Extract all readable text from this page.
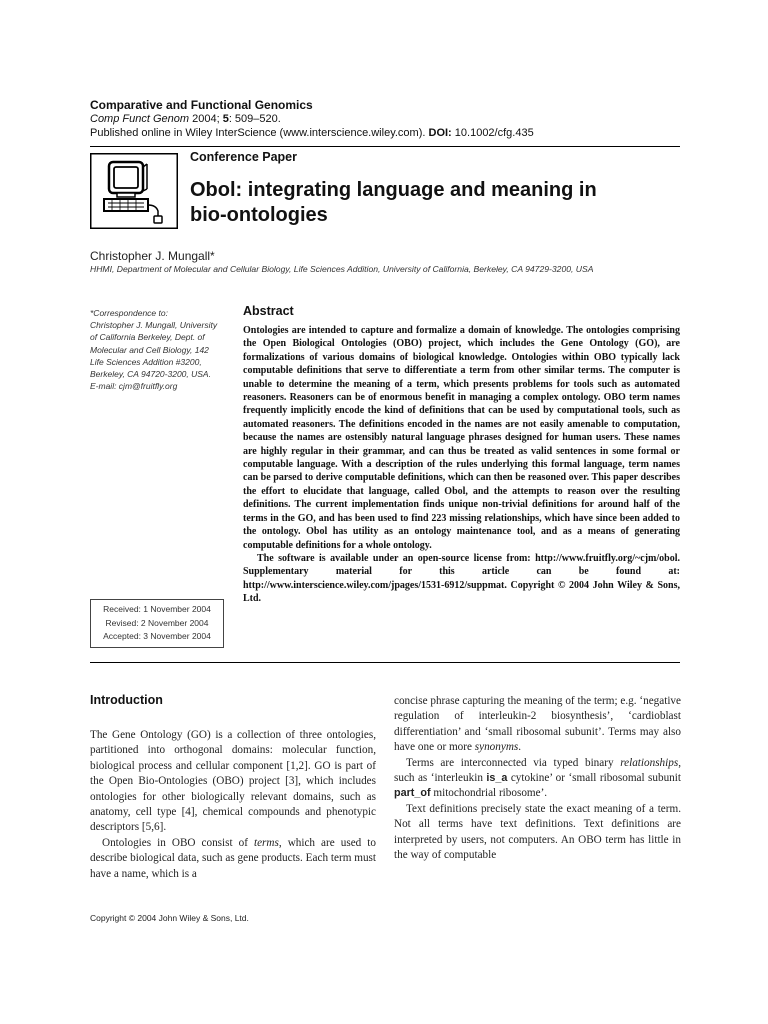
Comparative and Functional Genomics
Comp Funct Genom 2004; 5: 509–520.
Published online in Wiley InterScience (www.interscience.wiley.com). DOI: 10.1002/cfg.435
Conference Paper
Obol: integrating language and meaning in
bio-ontologies
Christopher J. Mungall*
HHMI, Department of Molecular and Cellular Biology, Life Sciences Addition, University of California, Berkeley, CA 94729-3200, USA
*Correspondence to:
Christopher J. Mungall, University
of California Berkeley, Dept. of
Molecular and Cell Biology, 142
Life Sciences Addition #3200,
Berkeley, CA 94720-3200, USA.
E-mail: cjm@fruitfly.org
Received: 1 November 2004
Revised: 2 November 2004
Accepted: 3 November 2004
Abstract

Ontologies are intended to capture and formalize a domain of knowledge. The ontologies comprising the Open Biological Ontologies (OBO) project, which includes the Gene Ontology (GO), are formalizations of various domains of biological knowledge. Ontologies within OBO typically lack computable definitions that serve to differentiate a term from other similar terms. The computer is unable to determine the meaning of a term, which presents problems for tools such as automated reasoners. Reasoners can be of enormous benefit in managing a complex ontology. OBO term names frequently implicitly encode the kind of definitions that can be used by computational tools, such as automated reasoners. The definitions encoded in the names are not easily amenable to computation, because the names are ostensibly natural language phrases designed for human users. These names are highly regular in their grammar, and can thus be treated as valid sentences in some formal or computable language. With a description of the rules underlying this formal language, term names can be parsed to derive computable definitions, which can then be reasoned over. This paper describes the effort to elucidate that language, called Obol, and the attempts to reason over the resulting definitions. The current implementation finds unique non-trivial definitions for around half of the terms in the GO, and has been used to find 223 missing relationships, which have since been added to the ontology. Obol has utility as an ontology maintenance tool, and as a means of generating computable definitions for a whole ontology.

The software is available under an open-source license from: http://www.fruitfly.org/~cjm/obol. Supplementary material for this article can be found at: http://www.interscience.wiley.com/jpages/1531-6912/suppmat. Copyright © 2004 John Wiley & Sons, Ltd.

Introduction

The Gene Ontology (GO) is a collection of three ontologies, partitioned into orthogonal domains: molecular function, biological process and cellular component [1,2]. GO is part of the Open Bio-Ontologies (OBO) project [3], which includes ontologies for other biologically relevant domains, such as anatomy, cell type [4], chemical compounds and phenotypic descriptors [5,6].

Ontologies in OBO consist of terms, which are used to describe biological data, such as gene products. Each term must have a name, which is a

concise phrase capturing the meaning of the term; e.g. ‘negative regulation of interleukin-2 biosynthesis’, ‘cardioblast differentiation’ and ‘small ribosomal subunit’. Terms may also have one or more synonyms.

Terms are interconnected via typed binary relationships, such as ‘interleukin is_a cytokine’ or ‘small ribosomal subunit part_of mitochondrial ribosome’.

Text definitions precisely state the exact meaning of a term. Not all terms have text definitions. Text definitions are interpreted by users, not computers. An OBO term has little in the way of computable

Copyright © 2004 John Wiley & Sons, Ltd.
